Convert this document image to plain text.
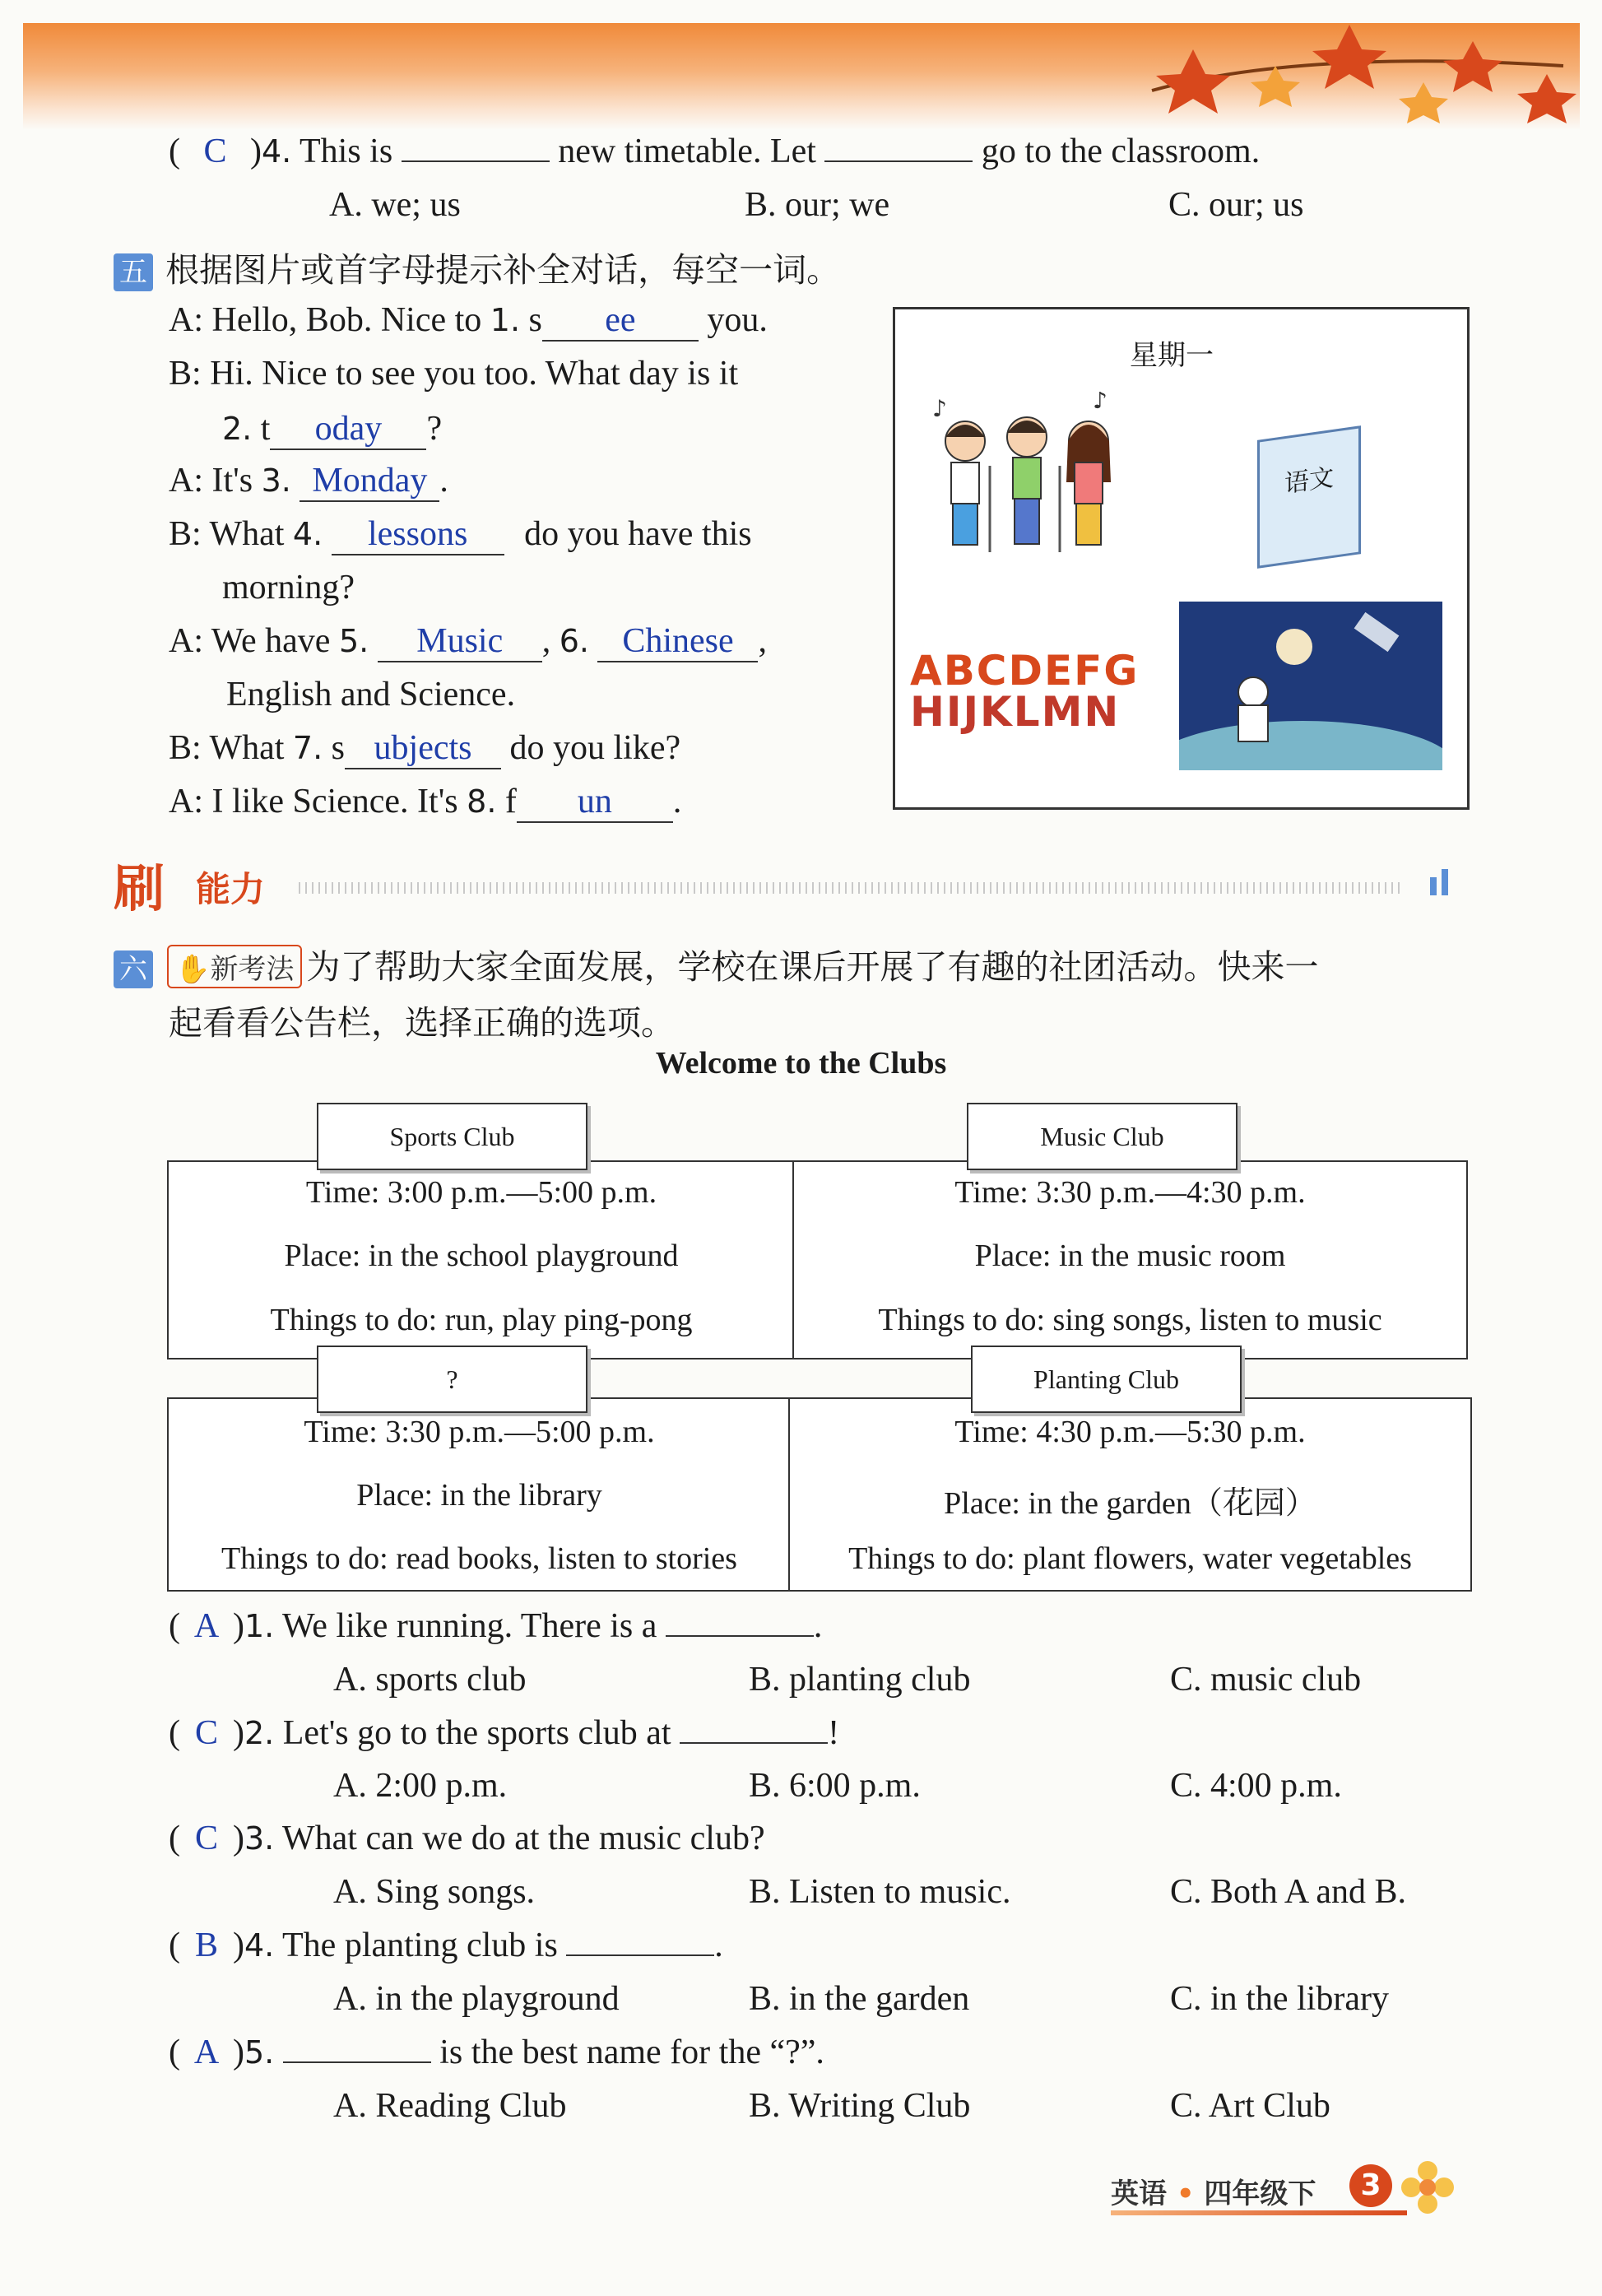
( C )4. This is	new timetable. Let	go to the classroom.
A. we; us	B. our; we	C. our; us
五 根据图片或首字母提示补全对话，每空一词。
A: Hello, Bob. Nice to 1. s ee you.
B: Hi. Nice to see you too. What day is it
2. t oday ?
A: It's 3. Monday .
B: What 4. lessons do you have this
morning?
A: We have 5. Music , 6. Chinese ,
English and Science.
B: What 7. s ubjects do you like?
A: I like Science. It's 8. f un .
星期一
♪	♪
语文
ABCDEFG
HIJKLMN
刷 能力
六 ✋新考法 为了帮助大家全面发展，学校在课后开展了有趣的社团活动。快来一
起看看公告栏，选择正确的选项。
Welcome to the Clubs
Time: 3:00 p.m.—5:00 p.m.
Place: in the school playground
Things to do: run, play ping-pong
Sports Club
Time: 3:30 p.m.—4:30 p.m.
Place: in the music room
Things to do: sing songs, listen to music
Music Club
Time: 3:30 p.m.—5:00 p.m.
Place: in the library
Things to do: read books, listen to stories
?
Time: 4:30 p.m.—5:30 p.m.
Place: in the garden（花园）
Things to do: plant flowers, water vegetables
Planting Club
( A )1. We like running. There is a	.
A. sports club	B. planting club	C. music club
( C )2. Let's go to the sports club at	!
A. 2:00 p.m.	B. 6:00 p.m.	C. 4:00 p.m.
( C )3. What can we do at the music club?
A. Sing songs.	B. Listen to music.	C. Both A and B.
( B )4. The planting club is	.
A. in the playground	B. in the garden	C. in the library
( A )5.	is the best name for the “?”.
A. Reading Club	B. Writing Club	C. Art Club
英语 • 四年级下	3
